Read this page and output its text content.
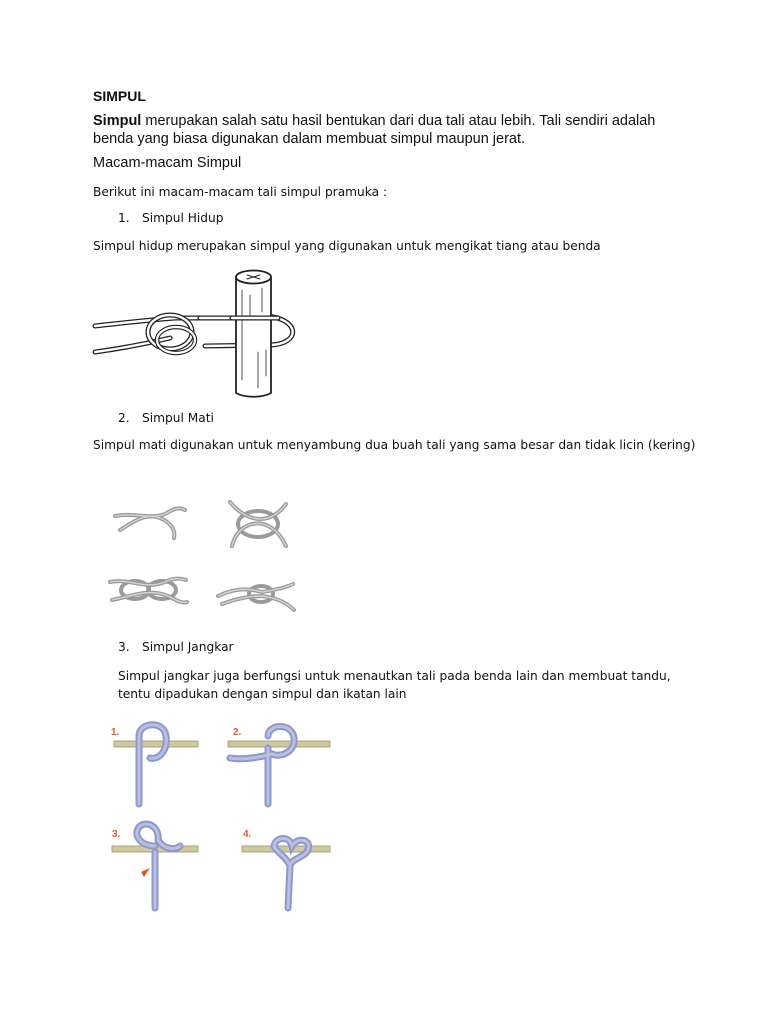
SIMPUL
Simpul merupakan salah satu hasil bentukan dari dua tali atau lebih. Tali sendiri adalah benda yang biasa digunakan dalam membuat simpul maupun jerat.
Macam-macam Simpul
Berikut ini macam-macam tali simpul pramuka :
1. Simpul Hidup
Simpul hidup merupakan simpul yang digunakan untuk mengikat tiang atau benda
2. Simpul Mati
Simpul mati digunakan untuk menyambung dua buah tali yang sama besar dan tidak licin (kering)
3. Simpul Jangkar
Simpul jangkar juga berfungsi untuk menautkan tali pada benda lain dan membuat tandu, tentu dipadukan dengan simpul dan ikatan lain
1.	2.
3.	4.
